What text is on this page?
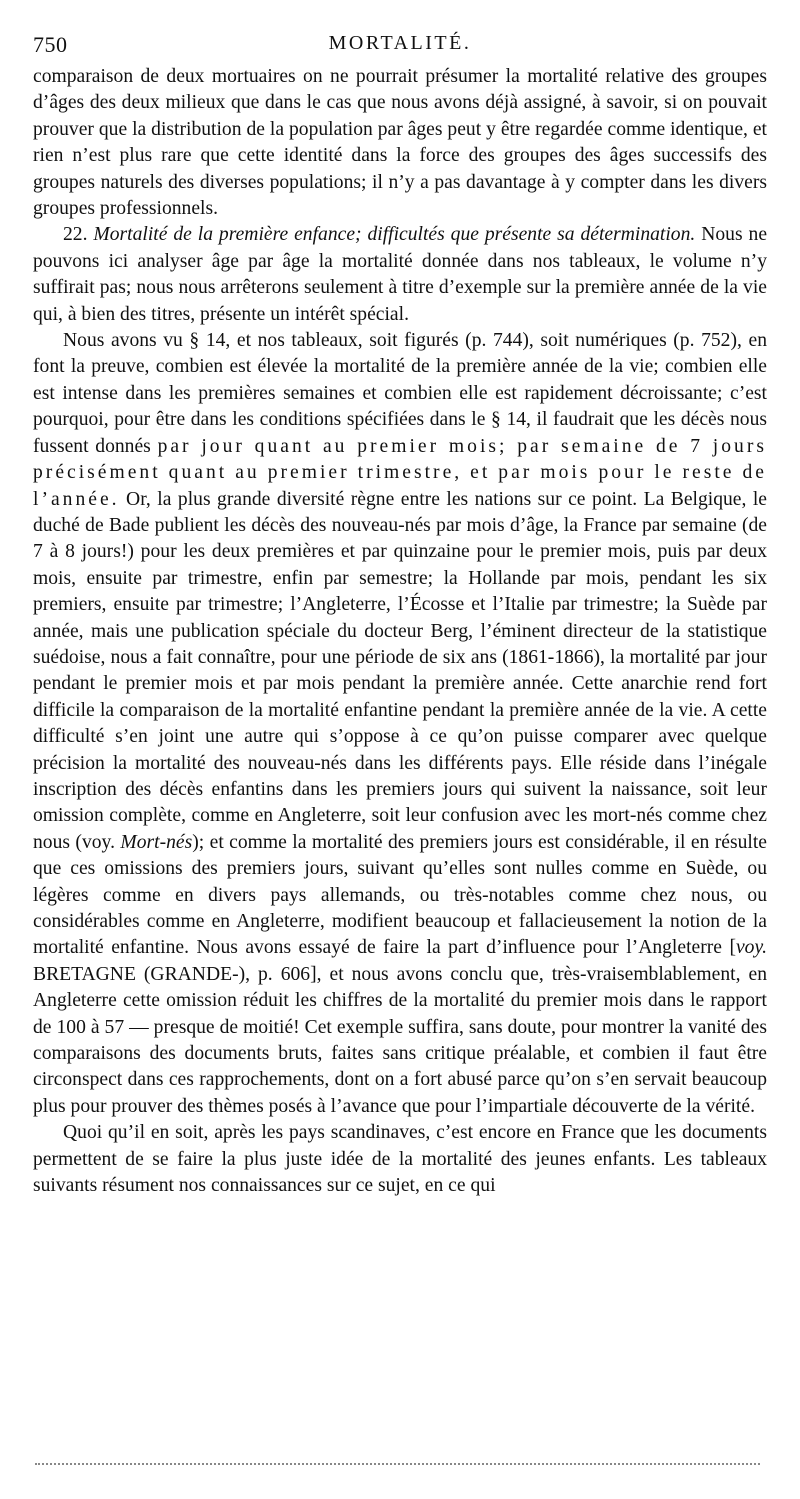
750	MORTALITÉ.

comparaison de deux mortuaires on ne pourrait présumer la mortalité relative des groupes d’âges des deux milieux que dans le cas que nous avons déjà assigné, à savoir, si on pouvait prouver que la distribution de la population par âges peut y être regardée comme identique, et rien n’est plus rare que cette identité dans la force des groupes des âges successifs des groupes naturels des diverses populations; il n’y a pas davantage à y compter dans les divers groupes professionnels.

22. Mortalité de la première enfance; difficultés que présente sa détermination. Nous ne pouvons ici analyser âge par âge la mortalité donnée dans nos tableaux, le volume n’y suffirait pas; nous nous arrêterons seulement à titre d’exemple sur la première année de la vie qui, à bien des titres, présente un intérêt spécial.

Nous avons vu § 14, et nos tableaux, soit figurés (p. 744), soit numériques (p. 752), en font la preuve, combien est élevée la mortalité de la première année de la vie; combien elle est intense dans les premières semaines et combien elle est rapidement décroissante; c’est pourquoi, pour être dans les conditions spécifiées dans le § 14, il faudrait que les décès nous fussent donnés par jour quant au premier mois; par semaine de 7 jours précisément quant au premier trimestre, et par mois pour le reste de l’année. Or, la plus grande diversité règne entre les nations sur ce point. La Belgique, le duché de Bade publient les décès des nouveau-nés par mois d’âge, la France par semaine (de 7 à 8 jours!) pour les deux premières et par quinzaine pour le premier mois, puis par deux mois, ensuite par trimestre, enfin par semestre; la Hollande par mois, pendant les six premiers, ensuite par trimestre; l’Angleterre, l’Écosse et l’Italie par trimestre; la Suède par année, mais une publication spéciale du docteur Berg, l’éminent directeur de la statistique suédoise, nous a fait connaître, pour une période de six ans (1861-1866), la mortalité par jour pendant le premier mois et par mois pendant la première année. Cette anarchie rend fort difficile la comparaison de la mortalité enfantine pendant la première année de la vie. A cette difficulté s’en joint une autre qui s’oppose à ce qu’on puisse comparer avec quelque précision la mortalité des nouveau-nés dans les différents pays. Elle réside dans l’inégale inscription des décès enfantins dans les premiers jours qui suivent la naissance, soit leur omission complète, comme en Angleterre, soit leur confusion avec les mort-nés comme chez nous (voy. Mort-nés); et comme la mortalité des premiers jours est considérable, il en résulte que ces omissions des premiers jours, suivant qu’elles sont nulles comme en Suède, ou légères comme en divers pays allemands, ou très-notables comme chez nous, ou considérables comme en Angleterre, modifient beaucoup et fallacieusement la notion de la mortalité enfantine. Nous avons essayé de faire la part d’influence pour l’Angleterre [voy. BRETAGNE (GRANDE-), p. 606], et nous avons conclu que, très-vraisemblablement, en Angleterre cette omission réduit les chiffres de la mortalité du premier mois dans le rapport de 100 à 57 — presque de moitié! Cet exemple suffira, sans doute, pour montrer la vanité des comparaisons des documents bruts, faites sans critique préalable, et combien il faut être circonspect dans ces rapprochements, dont on a fort abusé parce qu’on s’en servait beaucoup plus pour prouver des thèmes posés à l’avance que pour l’impartiale découverte de la vérité.

Quoi qu’il en soit, après les pays scandinaves, c’est encore en France que les documents permettent de se faire la plus juste idée de la mortalité des jeunes enfants. Les tableaux suivants résument nos connaissances sur ce sujet, en ce qui
